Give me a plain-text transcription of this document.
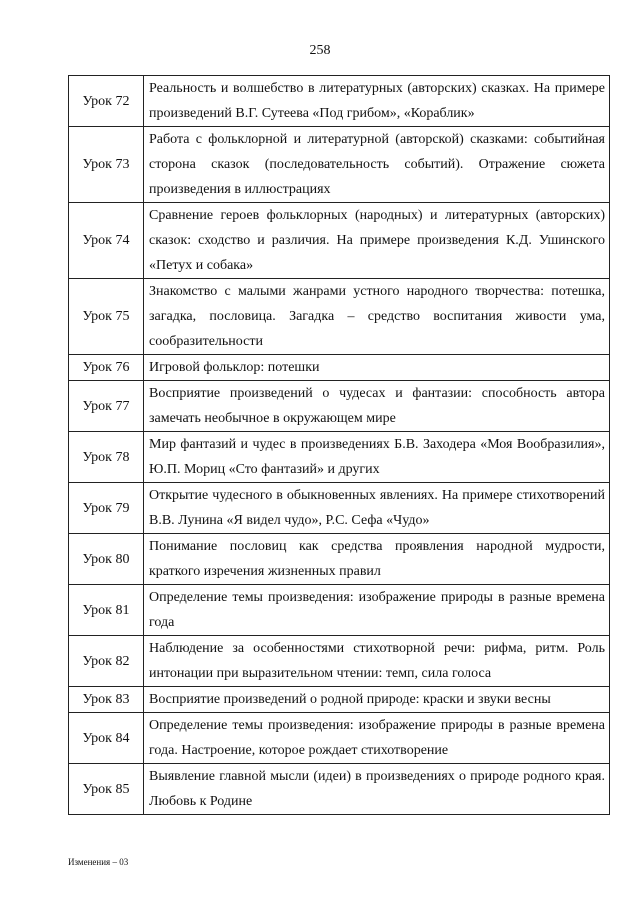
258
Урок 72	Реальность и волшебство в литературных (авторских) сказках. На примере произведений В.Г. Сутеева «Под грибом», «Кораблик»
Урок 73	Работа с фольклорной и литературной (авторской) сказками: событийная сторона сказок (последовательность событий). Отражение сюжета произведения в иллюстрациях
Урок 74	Сравнение героев фольклорных (народных) и литературных (авторских) сказок: сходство и различия. На примере произведения К.Д. Ушинского «Петух и собака»
Урок 75	Знакомство с малыми жанрами устного народного творчества: потешка, загадка, пословица. Загадка – средство воспитания живости ума, сообразительности
Урок 76	Игровой фольклор: потешки
Урок 77	Восприятие произведений о чудесах и фантазии: способность автора замечать необычное в окружающем мире
Урок 78	Мир фантазий и чудес в произведениях Б.В. Заходера «Моя Вообразилия», Ю.П. Мориц «Сто фантазий» и других
Урок 79	Открытие чудесного в обыкновенных явлениях. На примере стихотворений В.В. Лунина «Я видел чудо», Р.С. Сефа «Чудо»
Урок 80	Понимание пословиц как средства проявления народной мудрости, краткого изречения жизненных правил
Урок 81	Определение темы произведения: изображение природы в разные времена года
Урок 82	Наблюдение за особенностями стихотворной речи: рифма, ритм. Роль интонации при выразительном чтении: темп, сила голоса
Урок 83	Восприятие произведений о родной природе: краски и звуки весны
Урок 84	Определение темы произведения: изображение природы в разные времена года. Настроение, которое рождает стихотворение
Урок 85	Выявление главной мысли (идеи) в произведениях о природе родного края. Любовь к Родине
Изменения – 03
